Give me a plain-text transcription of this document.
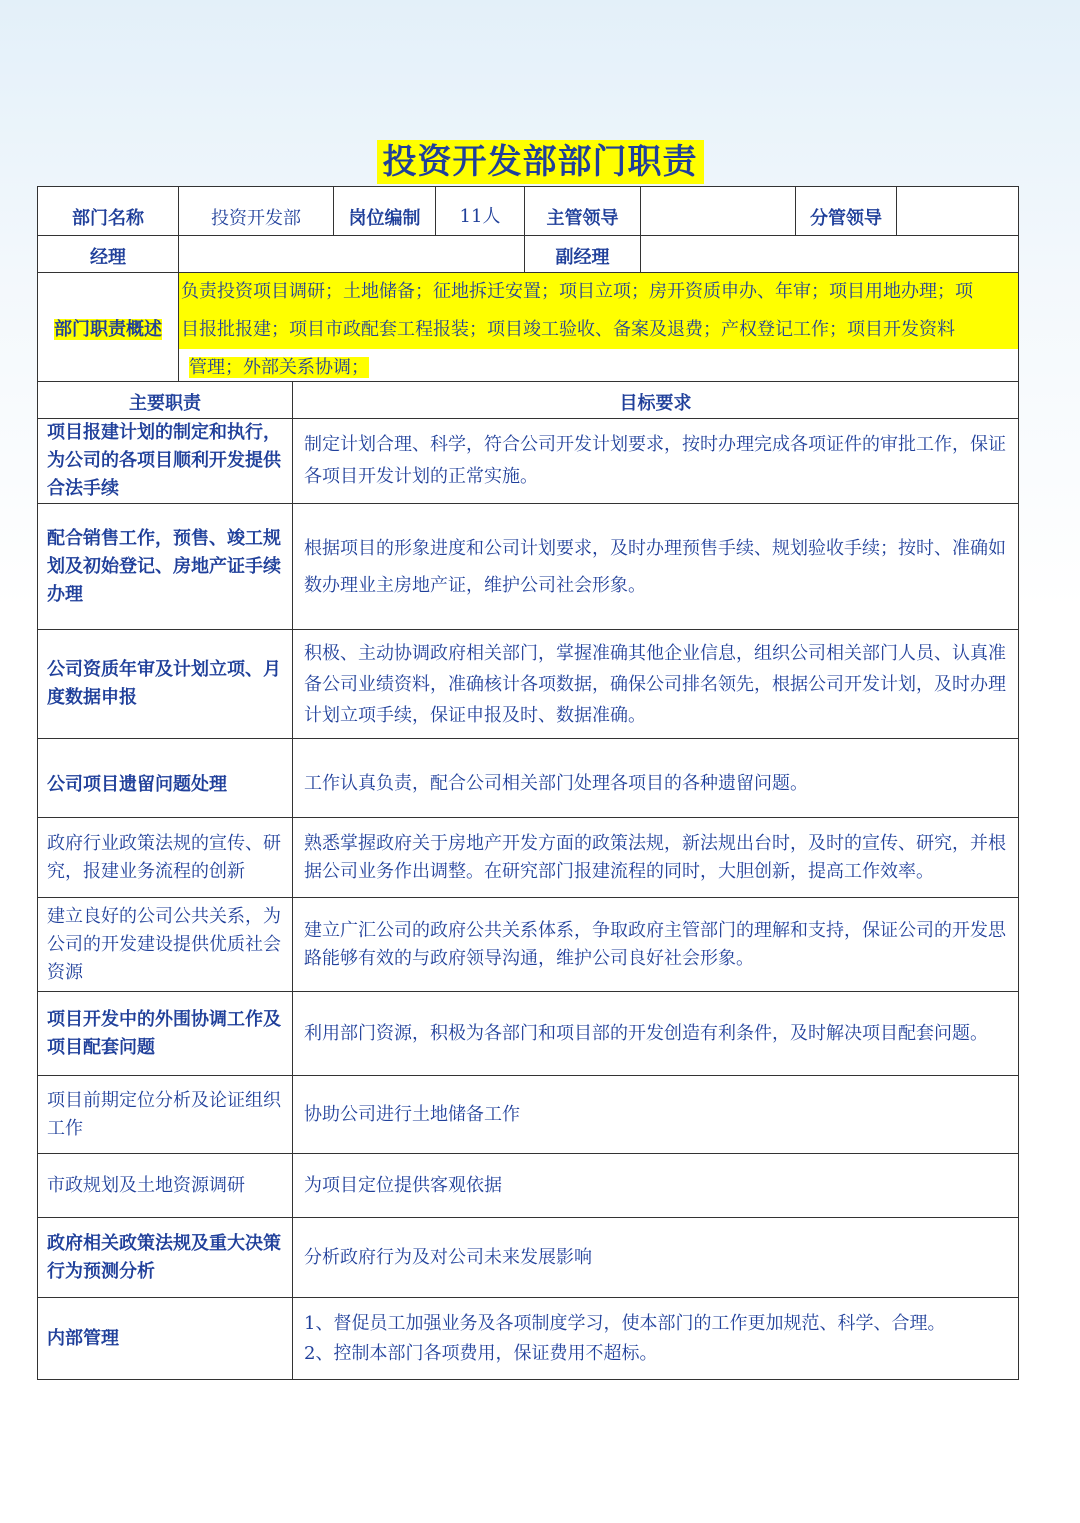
投资开发部部门职责
部门名称	投资开发部	岗位编制	11人	主管领导		分管领导	
经理				副经理			
部门职责概述	负责投资项目调研；土地储备；征地拆迁安置；项目立项；房开资质申办、年审；项目用地办理；项
目报批报建；项目市政配套工程报装；项目竣工验收、备案及退费；产权登记工作；项目开发资料
管理；外部关系协调；						
主要职责	目标要求
项目报建计划的制定和执行，为公司的各项目顺利开发提供合法手续	制定计划合理、科学，符合公司开发计划要求，按时办理完成各项证件的审批工作，保证各项目开发计划的正常实施。
配合销售工作，预售、竣工规划及初始登记、房地产证手续办理	根据项目的形象进度和公司计划要求，及时办理预售手续、规划验收手续；按时、准确如数办理业主房地产证，维护公司社会形象。
公司资质年审及计划立项、月度数据申报	积极、主动协调政府相关部门，掌握准确其他企业信息，组织公司相关部门人员、认真准备公司业绩资料，准确核计各项数据，确保公司排名领先，根据公司开发计划，及时办理计划立项手续，保证申报及时、数据准确。
公司项目遗留问题处理	工作认真负责，配合公司相关部门处理各项目的各种遗留问题。
政府行业政策法规的宣传、研究，报建业务流程的创新	熟悉掌握政府关于房地产开发方面的政策法规，新法规出台时，及时的宣传、研究，并根据公司业务作出调整。在研究部门报建流程的同时，大胆创新，提高工作效率。
建立良好的公司公共关系，为公司的开发建设提供优质社会资源	建立广汇公司的政府公共关系体系，争取政府主管部门的理解和支持，保证公司的开发思路能够有效的与政府领导沟通，维护公司良好社会形象。
项目开发中的外围协调工作及项目配套问题	利用部门资源，积极为各部门和项目部的开发创造有利条件，及时解决项目配套问题。
项目前期定位分析及论证组织工作	协助公司进行土地储备工作
市政规划及土地资源调研	为项目定位提供客观依据
政府相关政策法规及重大决策行为预测分析	分析政府行为及对公司未来发展影响
内部管理	1、督促员工加强业务及各项制度学习，使本部门的工作更加规范、科学、合理。
2、控制本部门各项费用，保证费用不超标。
